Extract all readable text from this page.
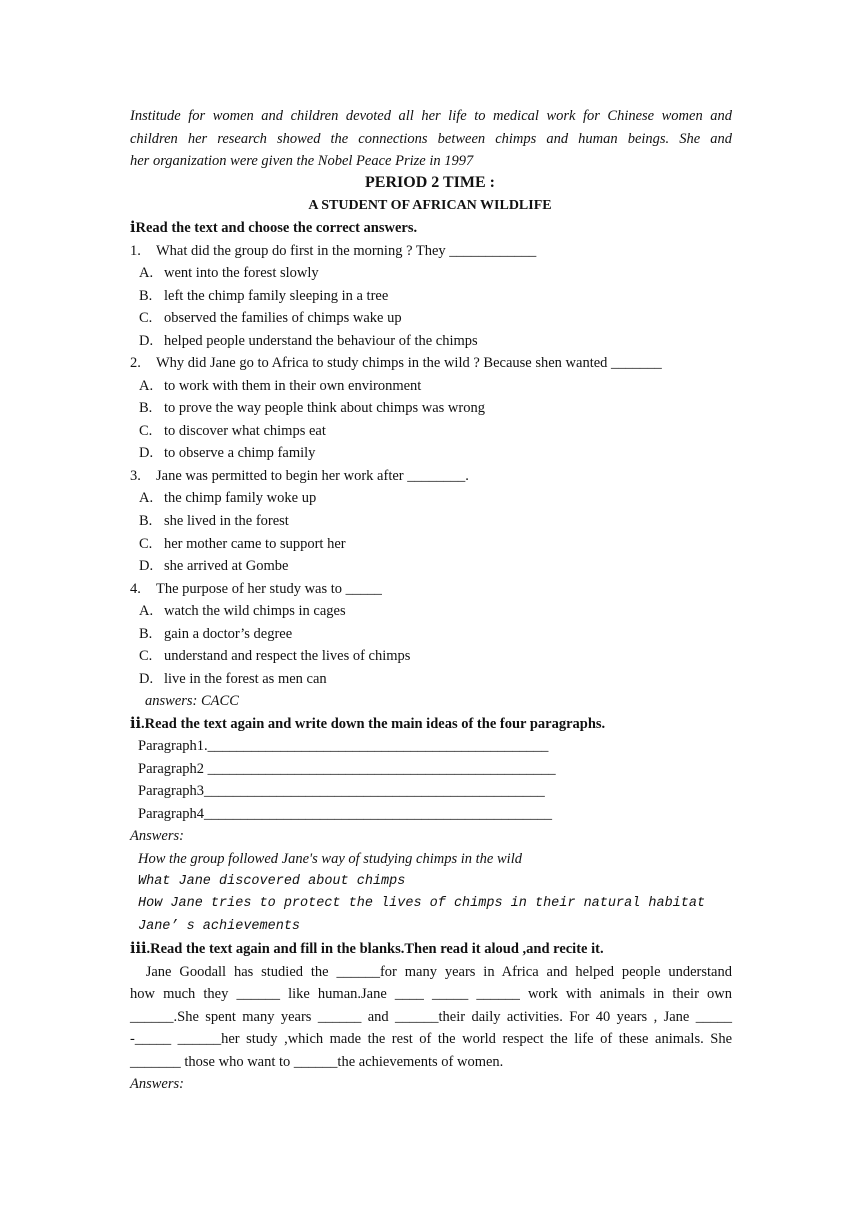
Institude for women and children devoted all her life to medical work for Chinese women and
children her research showed the connections between chimps and human beings. She and
her organization were given the Nobel Peace Prize in 1997
PERIOD 2 TIME :
A STUDENT OF AFRICAN WILDLIFE
ⅰRead the text and choose the correct answers.
1. What did the group do first in the morning ? They ____________
A. went into the forest slowly
B. left the chimp family sleeping in a tree
C. observed the families of chimps wake up
D. helped people understand the behaviour of the chimps
2. Why did Jane go to Africa to study chimps in the wild ? Because shen wanted _______
A. to work with them in their own environment
B. to prove the way people think about chimps was wrong
C. to discover what chimps eat
D. to observe a chimp family
3. Jane was permitted to begin her work after ________.
A. the chimp family woke up
B. she lived in the forest
C. her mother came to support her
D. she arrived at Gombe
4. The purpose of her study was to _____
A. watch the wild chimps in cages
B. gain a doctor’s degree
C. understand and respect the lives of chimps
D. live in the forest as men can
answers: CACC
ⅱ.Read the text again and write down the main ideas of the four paragraphs.
Paragraph1._______________________________________________
Paragraph2 ________________________________________________
Paragraph3_______________________________________________
Paragraph4________________________________________________
Answers:
How the group followed Jane's way of studying chimps in the wild
What Jane discovered about chimps
How Jane tries to protect the lives of chimps in their natural habitat
Jane’ s achievements
ⅲ.Read the text again and fill in the blanks.Then read it aloud ,and recite it.
Jane Goodall has studied the ______for many years in Africa and helped people understand
how much they ______ like human.Jane ____ _____ ______ work with animals in their own
______.She spent many years ______ and ______their daily activities. For 40 years , Jane _____
-_____ ______her study ,which made the rest of the world respect the life of these animals. She
_______ those who want to ______the achievements of women.
Answers:
